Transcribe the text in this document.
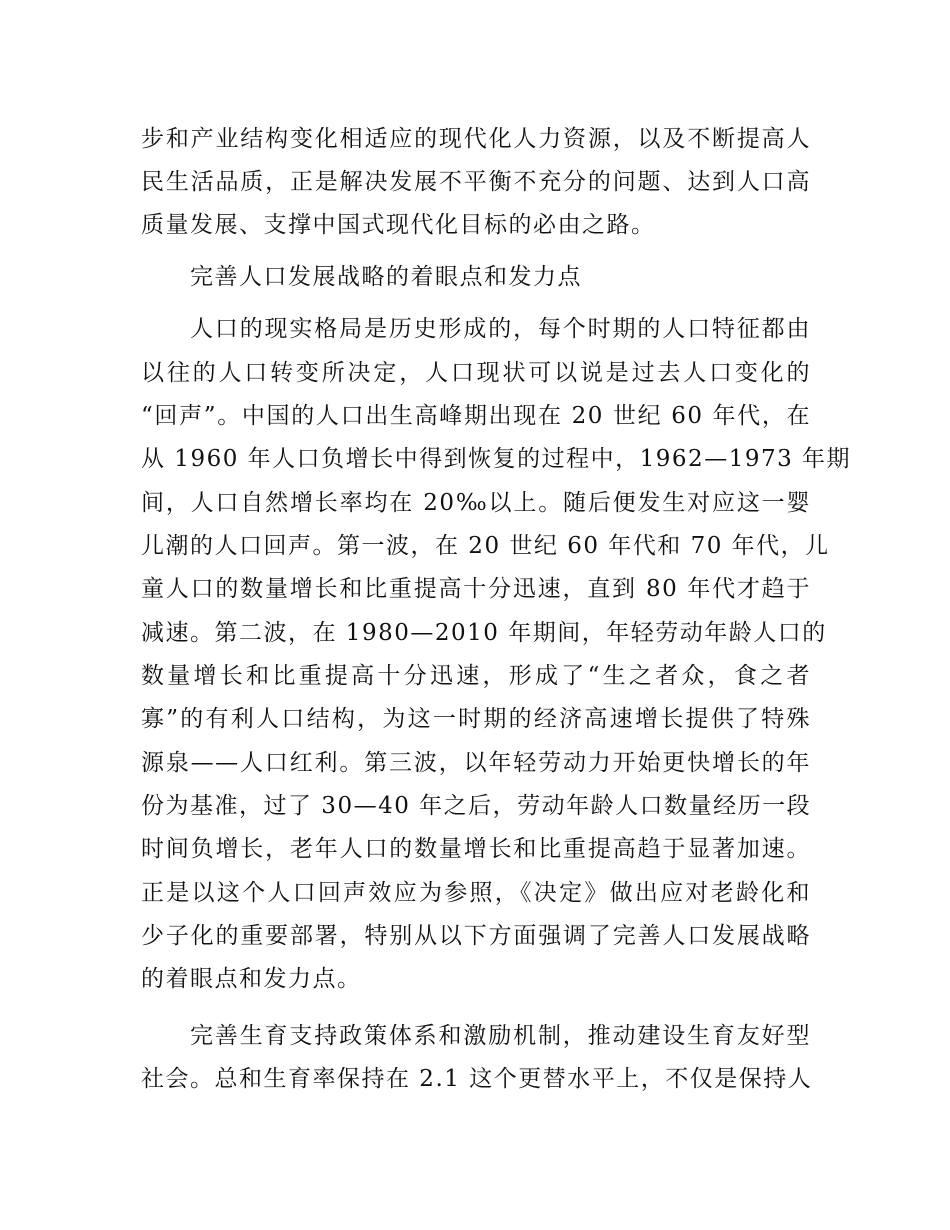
步和产业结构变化相适应的现代化人力资源，以及不断提高人
民生活品质，正是解决发展不平衡不充分的问题、达到人口高
质量发展、支撑中国式现代化目标的必由之路。
完善人口发展战略的着眼点和发力点
人口的现实格局是历史形成的，每个时期的人口特征都由
以往的人口转变所决定，人口现状可以说是过去人口变化的
“回声”。中国的人口出生高峰期出现在 20 世纪 60 年代，在
从 1960 年人口负增长中得到恢复的过程中，1962—1973 年期
间，人口自然增长率均在 20‰以上。随后便发生对应这一婴
儿潮的人口回声。第一波，在 20 世纪 60 年代和 70 年代，儿
童人口的数量增长和比重提高十分迅速，直到 80 年代才趋于
减速。第二波，在 1980—2010 年期间，年轻劳动年龄人口的
数量增长和比重提高十分迅速，形成了“生之者众，食之者
寡”的有利人口结构，为这一时期的经济高速增长提供了特殊
源泉——人口红利。第三波，以年轻劳动力开始更快增长的年
份为基准，过了 30—40 年之后，劳动年龄人口数量经历一段
时间负增长，老年人口的数量增长和比重提高趋于显著加速。
正是以这个人口回声效应为参照，《决定》做出应对老龄化和
少子化的重要部署，特别从以下方面强调了完善人口发展战略
的着眼点和发力点。
完善生育支持政策体系和激励机制，推动建设生育友好型
社会。总和生育率保持在 2.1 这个更替水平上，不仅是保持人
